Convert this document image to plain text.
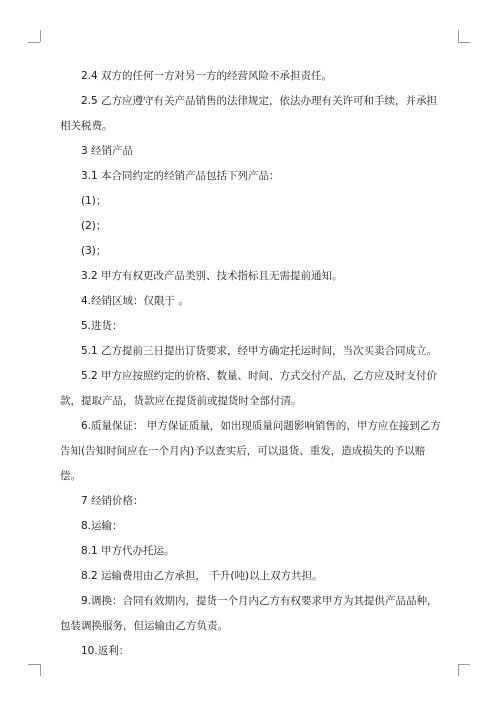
2.4 双方的任何一方对另一方的经营风险不承担责任。

2.5 乙方应遵守有关产品销售的法律规定，依法办理有关许可和手续，并承担相关税费。

3 经销产品

3.1 本合同约定的经销产品包括下列产品：

(1)；

(2)；

(3)；

3.2 甲方有权更改产品类别、技术指标且无需提前通知。

4.经销区域：仅限于 。

5.进货：

5.1 乙方提前三日提出订货要求，经甲方确定托运时间，当次买卖合同成立。

5.2 甲方应按照约定的价格、数量、时间、方式交付产品，乙方应及时支付价款，提取产品，货款应在提货前或提货时全部付清。

6.质量保证： 甲方保证质量，如出现质量问题影响销售的，甲方应在接到乙方告知(告知时间应在一个月内)予以查实后，可以退货、重发，造成损失的予以赔偿。

7 经销价格：

8.运输：

8.1 甲方代办托运。

8.2 运输费用由乙方承担， 千升(吨)以上双方共担。

9.调换：合同有效期内，提货一个月内乙方有权要求甲方为其提供产品品种，包装调换服务，但运输由乙方负责。

10.返利：
